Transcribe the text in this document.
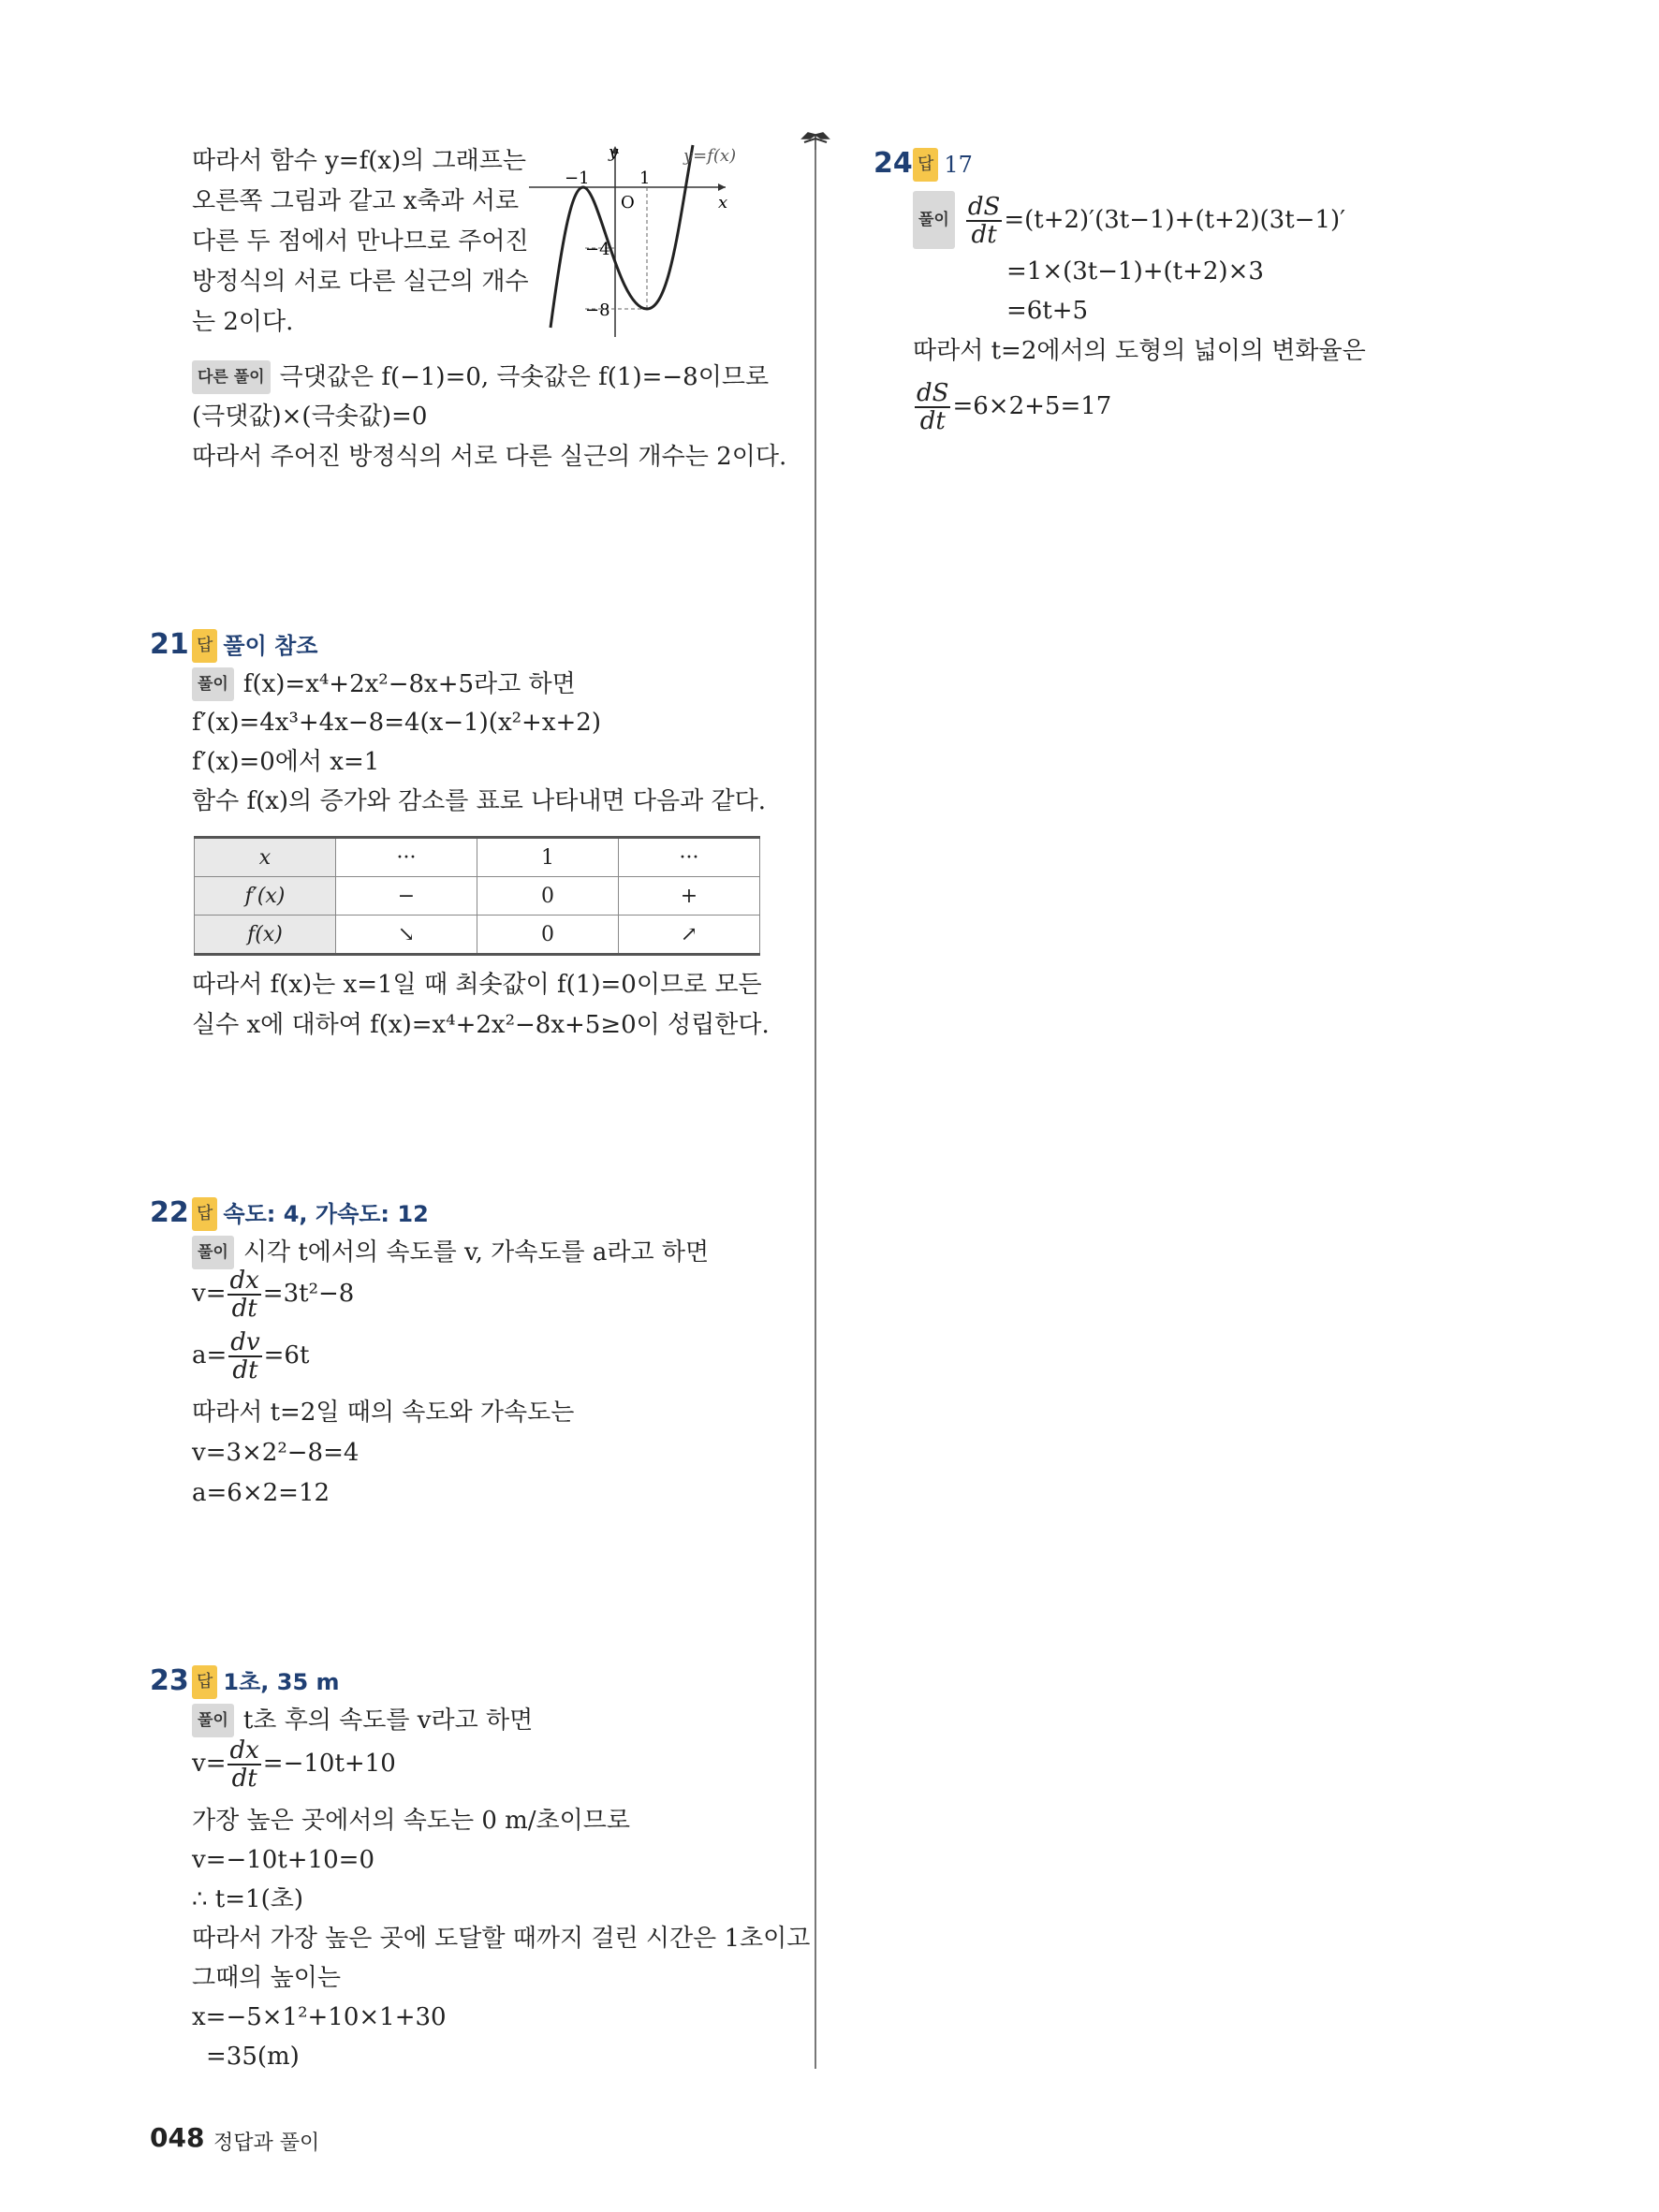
따라서 함수 y=f(x)의 그래프는
오른쪽 그림과 같고 x축과 서로
다른 두 점에서 만나므로 주어진
방정식의 서로 다른 실근의 개수
는 2이다.
y
x
y=f(x)
O
−1	1
−4
−8
다른 풀이 극댓값은 f(−1)=0, 극솟값은 f(1)=−8이므로
(극댓값)×(극솟값)=0
따라서 주어진 방정식의 서로 다른 실근의 개수는 2이다.
21 답 풀이 참조
풀이 f(x)=x⁴+2x²−8x+5라고 하면
f′(x)=4x³+4x−8=4(x−1)(x²+x+2)
f′(x)=0에서 x=1
함수 f(x)의 증가와 감소를 표로 나타내면 다음과 같다.
x	···	1	···
f′(x)	−	0	+
f(x)	↘	0	↗
따라서 f(x)는 x=1일 때 최솟값이 f(1)=0이므로 모든
실수 x에 대하여 f(x)=x⁴+2x²−8x+5≥0이 성립한다.
22 답 속도: 4, 가속도: 12
풀이 시각 t에서의 속도를 v, 가속도를 a라고 하면
$v= \frac{dx}{dt} =3t^2-8$
$a= \frac{dv}{dt} =6t$
따라서 t=2일 때의 속도와 가속도는
v=3×2²−8=4
a=6×2=12
23 답 1초, 35 m
풀이 t초 후의 속도를 v라고 하면
$v= \frac{dx}{dt} =-10t+10$
가장 높은 곳에서의 속도는 0 m/초이므로
v=−10t+10=0
∴ t=1(초)
따라서 가장 높은 곳에 도달할 때까지 걸린 시간은 1초이고
그때의 높이는
x=−5×1²+10×1+30
=35(m)
24 답 17
풀이 $\frac{dS}{dt} =(t+2)'(3t-1)+(t+2)(3t-1)'$
=1×(3t−1)+(t+2)×3
=6t+5
따라서 t=2에서의 도형의 넓이의 변화율은
$\frac{dS}{dt} =6\times 2+5=17$
048 정답과 풀이
